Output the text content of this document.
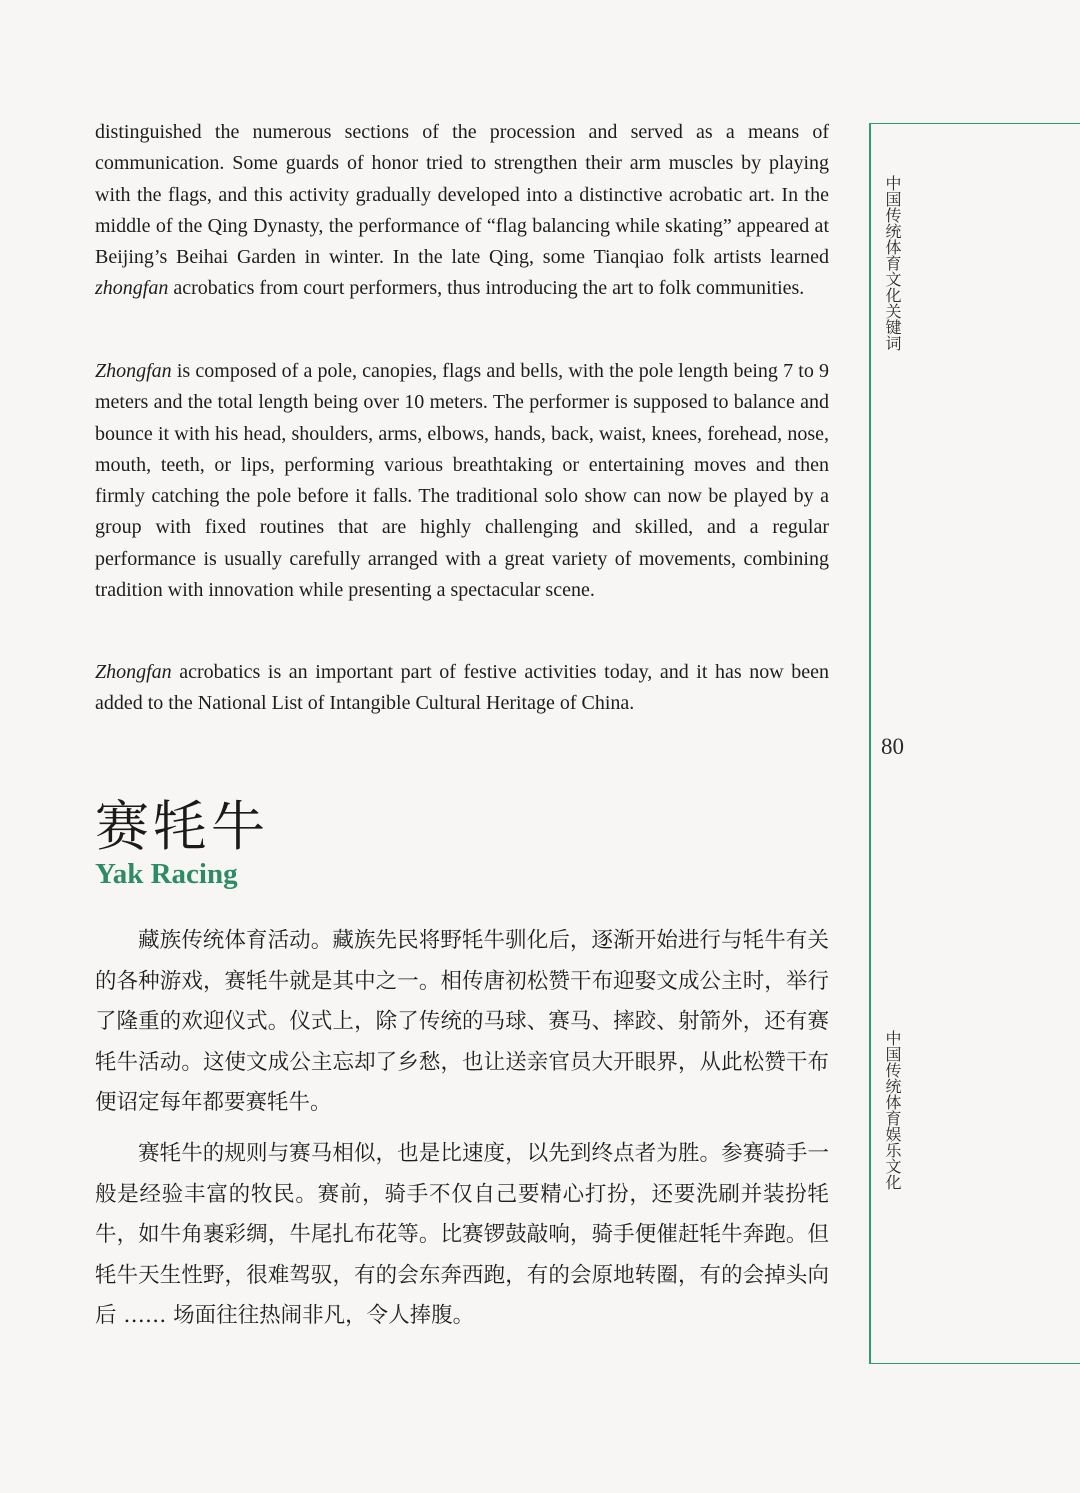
中国传统体育文化关键词
80
中国传统体育娱乐文化

distinguished the numerous sections of the procession and served as a means of communication. Some guards of honor tried to strengthen their arm muscles by playing with the flags, and this activity gradually developed into a distinctive acrobatic art. In the middle of the Qing Dynasty, the performance of “flag balancing while skating” appeared at Beijing’s Beihai Garden in winter. In the late Qing, some Tianqiao folk artists learned zhongfan acrobatics from court performers, thus introducing the art to folk communities.

Zhongfan is composed of a pole, canopies, flags and bells, with the pole length being 7 to 9 meters and the total length being over 10 meters. The performer is supposed to balance and bounce it with his head, shoulders, arms, elbows, hands, back, waist, knees, forehead, nose, mouth, teeth, or lips, performing various breathtaking or entertaining moves and then firmly catching the pole before it falls. The traditional solo show can now be played by a group with fixed routines that are highly challenging and skilled, and a regular performance is usually carefully arranged with a great variety of movements, combining tradition with innovation while presenting a spectacular scene.

Zhongfan acrobatics is an important part of festive activities today, and it has now been added to the National List of Intangible Cultural Heritage of China.

赛牦牛
Yak Racing
藏族传统体育活动。藏族先民将野牦牛驯化后，逐渐开始进行与牦牛有关的各种游戏，赛牦牛就是其中之一。相传唐初松赞干布迎娶文成公主时，举行了隆重的欢迎仪式。仪式上，除了传统的马球、赛马、摔跤、射箭外，还有赛牦牛活动。这使文成公主忘却了乡愁，也让送亲官员大开眼界，从此松赞干布便诏定每年都要赛牦牛。
赛牦牛的规则与赛马相似，也是比速度，以先到终点者为胜。参赛骑手一般是经验丰富的牧民。赛前，骑手不仅自己要精心打扮，还要洗刷并装扮牦牛，如牛角裹彩绸，牛尾扎布花等。比赛锣鼓敲响，骑手便催赶牦牛奔跑。但牦牛天生性野，很难驾驭，有的会东奔西跑，有的会原地转圈，有的会掉头向后 …… 场面往往热闹非凡，令人捧腹。
